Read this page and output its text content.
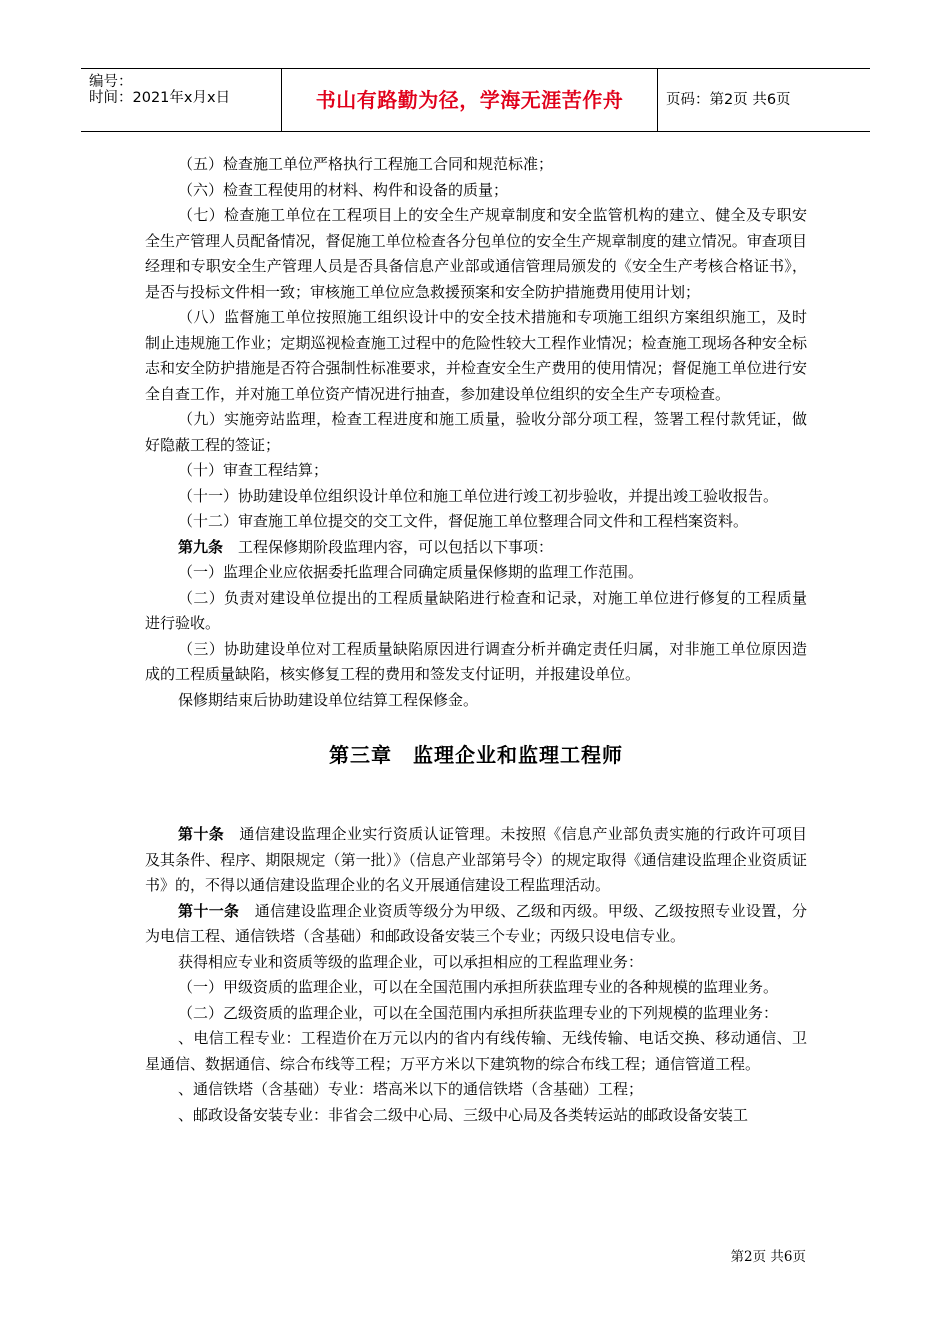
编号：
时间：2021年x月x日	书山有路勤为径，学海无涯苦作舟	页码：第2页 共6页

（五）检查施工单位严格执行工程施工合同和规范标准；

（六）检查工程使用的材料、构件和设备的质量；

（七）检查施工单位在工程项目上的安全生产规章制度和安全监管机构的建立、健全及专职安全生产管理人员配备情况，督促施工单位检查各分包单位的安全生产规章制度的建立情况。审查项目经理和专职安全生产管理人员是否具备信息产业部或通信管理局颁发的《安全生产考核合格证书》，是否与投标文件相一致；审核施工单位应急救援预案和安全防护措施费用使用计划；

（八）监督施工单位按照施工组织设计中的安全技术措施和专项施工组织方案组织施工，及时制止违规施工作业；定期巡视检查施工过程中的危险性较大工程作业情况；检查施工现场各种安全标志和安全防护措施是否符合强制性标准要求，并检查安全生产费用的使用情况；督促施工单位进行安全自查工作，并对施工单位资产情况进行抽查，参加建设单位组织的安全生产专项检查。

（九）实施旁站监理，检查工程进度和施工质量，验收分部分项工程，签署工程付款凭证，做好隐蔽工程的签证；

（十）审查工程结算；

（十一）协助建设单位组织设计单位和施工单位进行竣工初步验收，并提出竣工验收报告。

（十二）审查施工单位提交的交工文件，督促施工单位整理合同文件和工程档案资料。

第九条　工程保修期阶段监理内容，可以包括以下事项：

（一）监理企业应依据委托监理合同确定质量保修期的监理工作范围。

（二）负责对建设单位提出的工程质量缺陷进行检查和记录，对施工单位进行修复的工程质量进行验收。

（三）协助建设单位对工程质量缺陷原因进行调查分析并确定责任归属，对非施工单位原因造成的工程质量缺陷，核实修复工程的费用和签发支付证明，并报建设单位。

保修期结束后协助建设单位结算工程保修金。

第三章　监理企业和监理工程师

第十条　通信建设监理企业实行资质认证管理。未按照《信息产业部负责实施的行政许可项目及其条件、程序、期限规定（第一批）》（信息产业部第号令）的规定取得《通信建设监理企业资质证书》的，不得以通信建设监理企业的名义开展通信建设工程监理活动。

第十一条　通信建设监理企业资质等级分为甲级、乙级和丙级。甲级、乙级按照专业设置，分为电信工程、通信铁塔（含基础）和邮政设备安装三个专业；丙级只设电信专业。

获得相应专业和资质等级的监理企业，可以承担相应的工程监理业务：

（一）甲级资质的监理企业，可以在全国范围内承担所获监理专业的各种规模的监理业务。

（二）乙级资质的监理企业，可以在全国范围内承担所获监理专业的下列规模的监理业务：

、电信工程专业：工程造价在万元以内的省内有线传输、无线传输、电话交换、移动通信、卫星通信、数据通信、综合布线等工程；万平方米以下建筑物的综合布线工程；通信管道工程。

、通信铁塔（含基础）专业：塔高米以下的通信铁塔（含基础）工程；

、邮政设备安装专业：非省会二级中心局、三级中心局及各类转运站的邮政设备安装工

第2页 共6页
